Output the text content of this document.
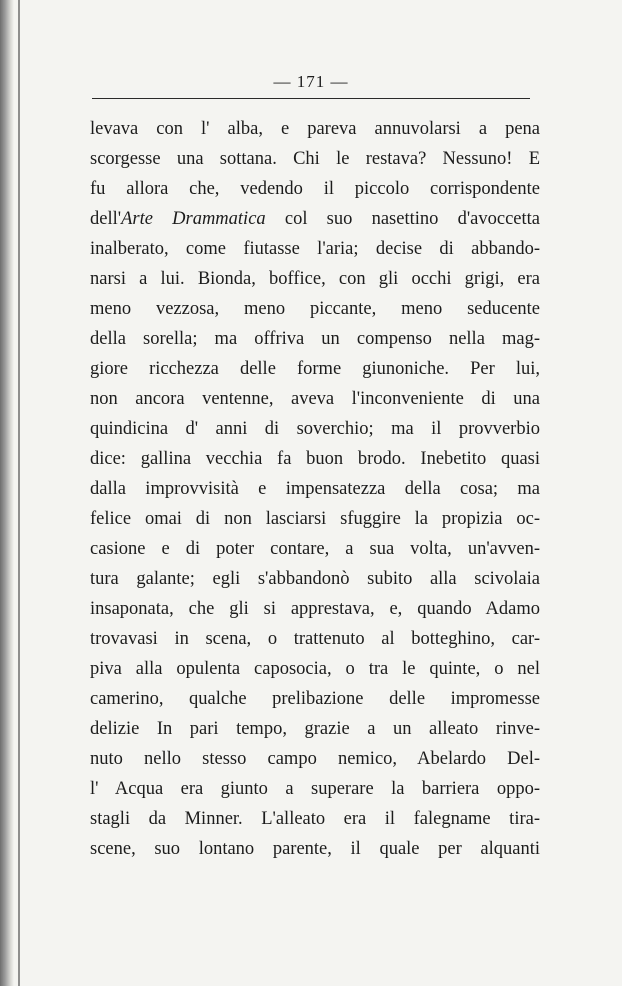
— 171 —
levava con l' alba, e pareva annuvolarsi a pena
scorgesse una sottana. Chi le restava? Nessuno! E
fu allora che, vedendo il piccolo corrispondente
dell'Arte Drammatica col suo nasettino d'avoccetta
inalberato, come fiutasse l'aria; decise di abbando-
narsi a lui. Bionda, boffice, con gli occhi grigi, era
meno vezzosa, meno piccante, meno seducente
della sorella; ma offriva un compenso nella mag-
giore ricchezza delle forme giunoniche. Per lui,
non ancora ventenne, aveva l'inconveniente di una
quindicina d' anni di soverchio; ma il provverbio
dice: gallina vecchia fa buon brodo. Inebetito quasi
dalla improvvisità e impensatezza della cosa; ma
felice omai di non lasciarsi sfuggire la propizia oc-
casione e di poter contare, a sua volta, un'avven-
tura galante; egli s'abbandonò subito alla scivolaia
insaponata, che gli si apprestava, e, quando Adamo
trovavasi in scena, o trattenuto al botteghino, car-
piva alla opulenta caposocia, o tra le quinte, o nel
camerino, qualche prelibazione delle impromesse
delizie In pari tempo, grazie a un alleato rinve-
nuto nello stesso campo nemico, Abelardo Del-
l' Acqua era giunto a superare la barriera oppo-
stagli da Minner. L'alleato era il falegname tira-
scene, suo lontano parente, il quale per alquanti
